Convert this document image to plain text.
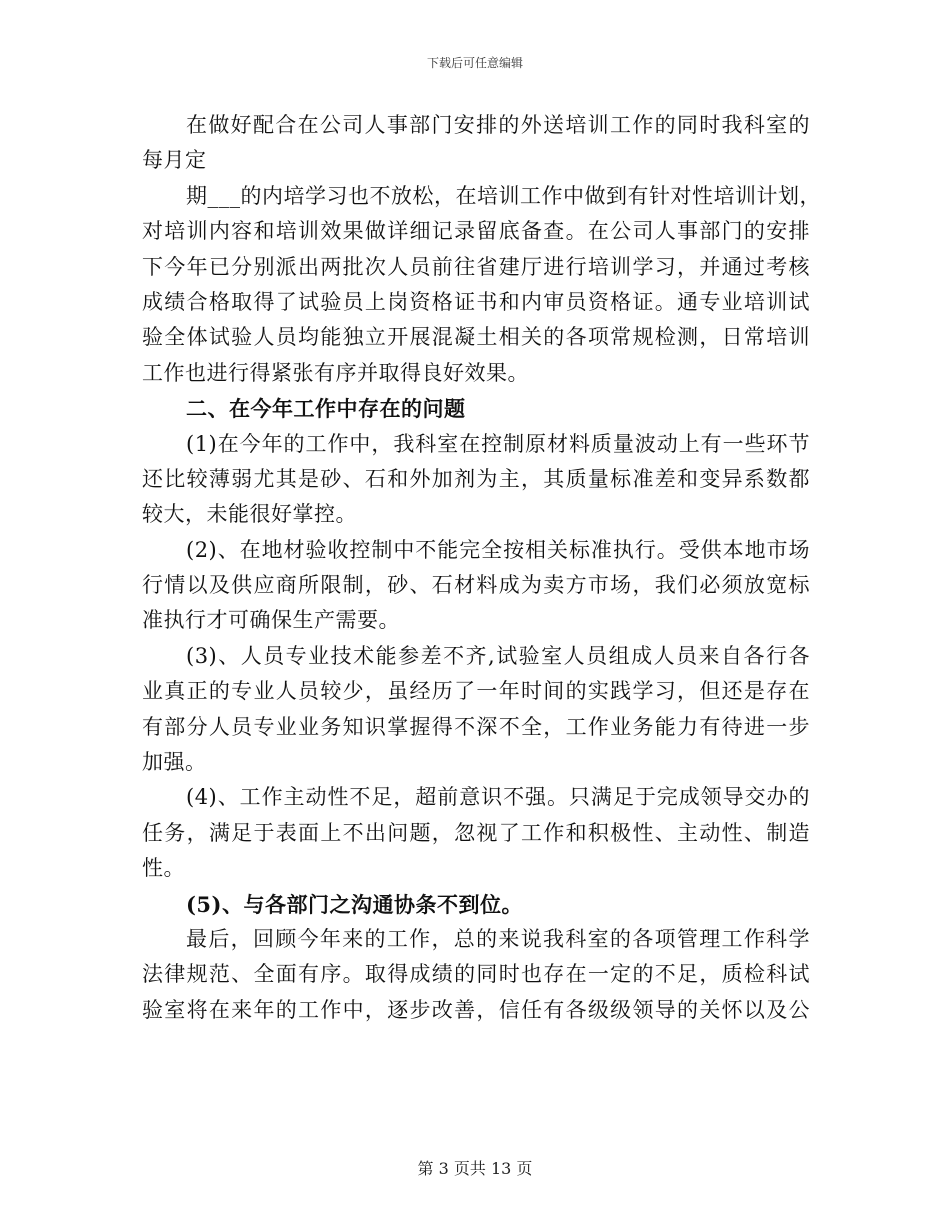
下载后可任意编辑
在做好配合在公司人事部门安排的外送培训工作的同时我科室的
每月定
期___的内培学习也不放松，在培训工作中做到有针对性培训计划，
对培训内容和培训效果做详细记录留底备查。在公司人事部门的安排
下今年已分别派出两批次人员前往省建厅进行培训学习，并通过考核
成绩合格取得了试验员上岗资格证书和内审员资格证。通专业培训试
验全体试验人员均能独立开展混凝土相关的各项常规检测，日常培训
工作也进行得紧张有序并取得良好效果。
二、在今年工作中存在的问题
(1)在今年的工作中，我科室在控制原材料质量波动上有一些环节
还比较薄弱尤其是砂、石和外加剂为主，其质量标准差和变异系数都
较大，未能很好掌控。
(2)、在地材验收控制中不能完全按相关标准执行。受供本地市场
行情以及供应商所限制，砂、石材料成为卖方市场，我们必须放宽标
准执行才可确保生产需要。
(3)、人员专业技术能参差不齐,试验室人员组成人员来自各行各
业真正的专业人员较少，虽经历了一年时间的实践学习，但还是存在
有部分人员专业业务知识掌握得不深不全，工作业务能力有待进一步
加强。
(4)、工作主动性不足，超前意识不强。只满足于完成领导交办的
任务，满足于表面上不出问题，忽视了工作和积极性、主动性、制造
性。
(5)、与各部门之沟通协条不到位。
最后，回顾今年来的工作，总的来说我科室的各项管理工作科学
法律规范、全面有序。取得成绩的同时也存在一定的不足，质检科试
验室将在来年的工作中，逐步改善，信任有各级级领导的关怀以及公
第 3 页共 13 页
